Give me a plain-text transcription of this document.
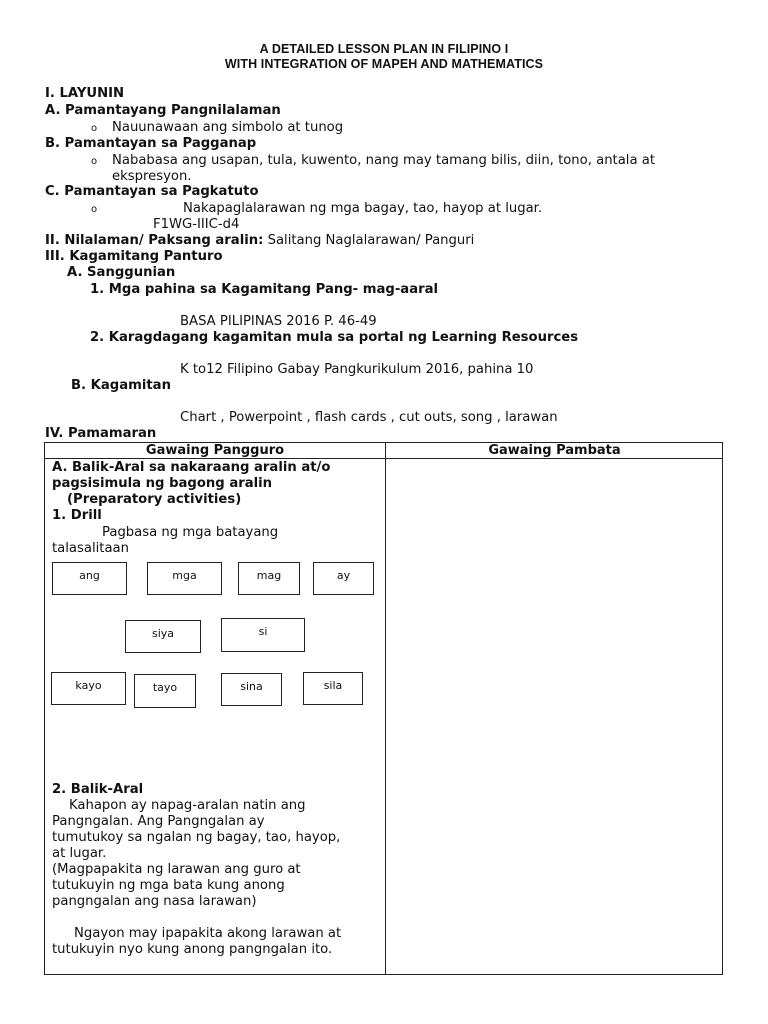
A DETAILED LESSON PLAN IN FILIPINO I
WITH INTEGRATION OF MAPEH AND MATHEMATICS
I. LAYUNIN
A. Pamantayang Pangnilalaman
o Nauunawaan ang simbolo at tunog
B. Pamantayan sa Pagganap
o Nababasa ang usapan, tula, kuwento, nang may tamang bilis, diin, tono, antala at
ekspresyon.
C. Pamantayan sa Pagkatuto
o	Nakapaglalarawan ng mga bagay, tao, hayop at lugar.
F1WG-IIIC-d4
II. Nilalaman/ Paksang aralin: Salitang Naglalarawan/ Panguri
III. Kagamitang Panturo
A. Sanggunian
1. Mga pahina sa Kagamitang Pang- mag-aaral
BASA PILIPINAS 2016 P. 46-49
2. Karagdagang kagamitan mula sa portal ng Learning Resources
K to12 Filipino Gabay Pangkurikulum 2016, pahina 10
B. Kagamitan
Chart , Powerpoint , flash cards , cut outs, song , larawan
IV. Pamamaran
Gawaing Pangguro	Gawaing Pambata
A. Balik-Aral sa nakaraang aralin at/o
pagsisimula ng bagong aralin
(Preparatory activities)
1. Drill
Pagbasa ng mga batayang
talasalitaan
ang	mga	mag	ay
siya	si
kayo	tayo	sina	sila
2. Balik-Aral
Kahapon ay napag-aralan natin ang
Pangngalan. Ang Pangngalan ay
tumutukoy sa ngalan ng bagay, tao, hayop,
at lugar.
(Magpapakita ng larawan ang guro at
tutukuyin ng mga bata kung anong
pangngalan ang nasa larawan)
Ngayon may ipapakita akong larawan at
tutukuyin nyo kung anong pangngalan ito.
